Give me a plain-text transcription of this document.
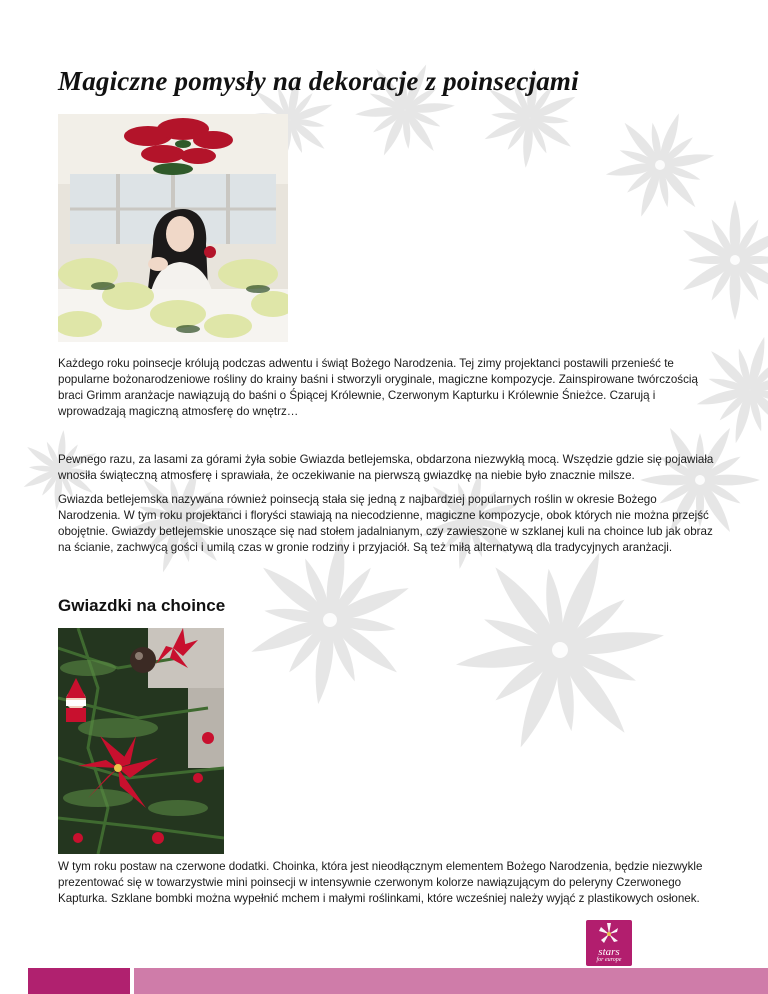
Magiczne pomysły na dekoracje z poinsecjami

Każdego roku poinsecje królują podczas adwentu i świąt Bożego Narodzenia. Tej zimy projektanci postawili przenieść te popularne bożonarodzeniowe rośliny do krainy baśni i stworzyli oryginale, magiczne kompozycje. Zainspirowane twórczością braci Grimm aranżacje nawiązują do baśni o Śpiącej Królewnie, Czerwonym Kapturku i Królewnie Śnieżce. Czarują i wprowadzają magiczną atmosferę do wnętrz…

Pewnego razu, za lasami za górami żyła sobie Gwiazda betlejemska, obdarzona niezwykłą mocą. Wszędzie gdzie się pojawiała wnosiła świąteczną atmosferę i sprawiała, że oczekiwanie na pierwszą gwiazdkę na niebie było znacznie milsze.

Gwiazda betlejemska nazywana również poinsecją stała się jedną z najbardziej popularnych roślin w okresie Bożego Narodzenia. W tym roku projektanci i floryści stawiają na niecodzienne, magiczne kompozycje, obok których nie można przejść obojętnie. Gwiazdy betlejemskie unoszące się nad stołem jadalnianym, czy zawieszone w szklanej kuli na choince lub jak obraz na ścianie, zachwycą gości i umilą czas w gronie rodziny i przyjaciół. Są też miłą alternatywą dla tradycyjnych aranżacji.

Gwiazdki na choince

W tym roku postaw na czerwone dodatki. Choinka, która jest nieodłącznym elementem Bożego Narodzenia, będzie niezwykle prezentować się w towarzystwie mini poinsecji w intensywnie czerwonym kolorze nawiązującym do peleryny Czerwonego Kapturka. Szklane bombki można wypełnić mchem i małymi roślinkami, które wcześniej należy wyjąć z plastikowych osłonek.

stars
for europe
